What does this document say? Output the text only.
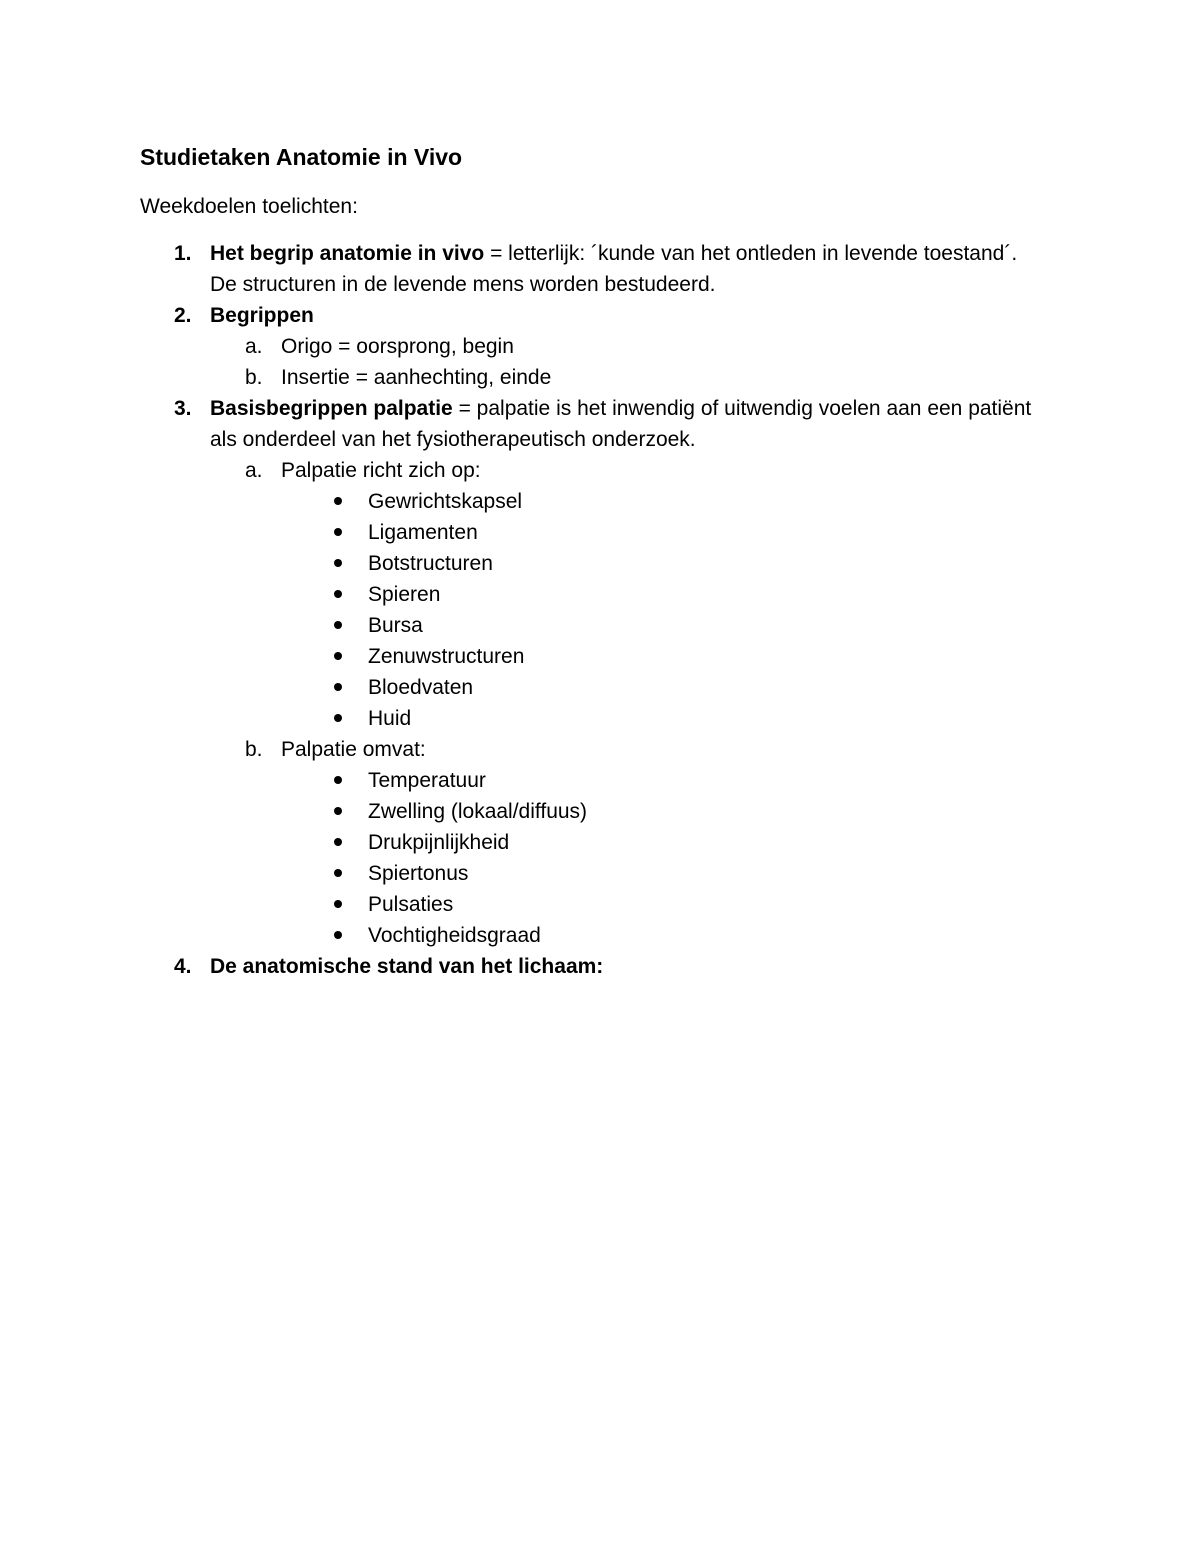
Studietaken Anatomie in Vivo
Weekdoelen toelichten:
1. Het begrip anatomie in vivo = letterlijk: ´kunde van het ontleden in levende toestand´.
De structuren in de levende mens worden bestudeerd.
2. Begrippen
a. Origo = oorsprong, begin
b. Insertie = aanhechting, einde
3. Basisbegrippen palpatie = palpatie is het inwendig of uitwendig voelen aan een patiënt
als onderdeel van het fysiotherapeutisch onderzoek.
a. Palpatie richt zich op:
Gewrichtskapsel
Ligamenten
Botstructuren
Spieren
Bursa
Zenuwstructuren
Bloedvaten
Huid
b. Palpatie omvat:
Temperatuur
Zwelling (lokaal/diffuus)
Drukpijnlijkheid
Spiertonus
Pulsaties
Vochtigheidsgraad
4. De anatomische stand van het lichaam:
